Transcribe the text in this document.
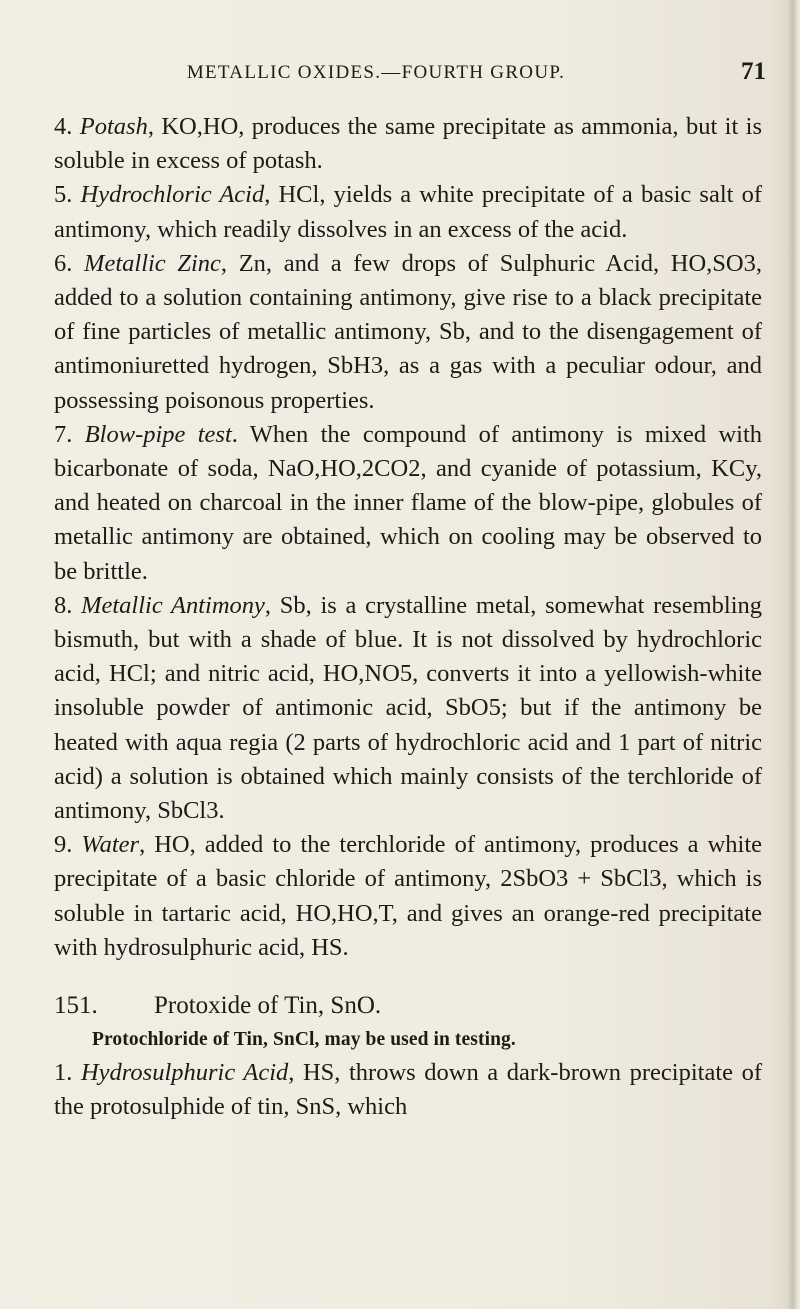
METALLIC OXIDES.—FOURTH GROUP.	71

4. Potash, KO,HO, produces the same precipitate as ammonia, but it is soluble in excess of potash.

5. Hydrochloric Acid, HCl, yields a white precipitate of a basic salt of antimony, which readily dissolves in an excess of the acid.

6. Metallic Zinc, Zn, and a few drops of Sulphuric Acid, HO,SO3, added to a solution containing antimony, give rise to a black precipitate of fine particles of metallic antimony, Sb, and to the disengagement of antimoniuretted hydrogen, SbH3, as a gas with a peculiar odour, and possessing poisonous properties.

7. Blow-pipe test. When the compound of antimony is mixed with bicarbonate of soda, NaO,HO,2CO2, and cyanide of potassium, KCy, and heated on charcoal in the inner flame of the blow-pipe, globules of metallic antimony are obtained, which on cooling may be observed to be brittle.

8. Metallic Antimony, Sb, is a crystalline metal, somewhat resembling bismuth, but with a shade of blue. It is not dissolved by hydrochloric acid, HCl; and nitric acid, HO,NO5, converts it into a yellowish-white insoluble powder of antimonic acid, SbO5; but if the antimony be heated with aqua regia (2 parts of hydrochloric acid and 1 part of nitric acid) a solution is obtained which mainly consists of the terchloride of antimony, SbCl3.

9. Water, HO, added to the terchloride of antimony, produces a white precipitate of a basic chloride of antimony, 2SbO3 + SbCl3, which is soluble in tartaric acid, HO,HO,T, and gives an orange-red precipitate with hydrosulphuric acid, HS.

151.	Protoxide of Tin, SnO.

Protochloride of Tin, SnCl, may be used in testing.

1. Hydrosulphuric Acid, HS, throws down a dark-brown precipitate of the protosulphide of tin, SnS, which
